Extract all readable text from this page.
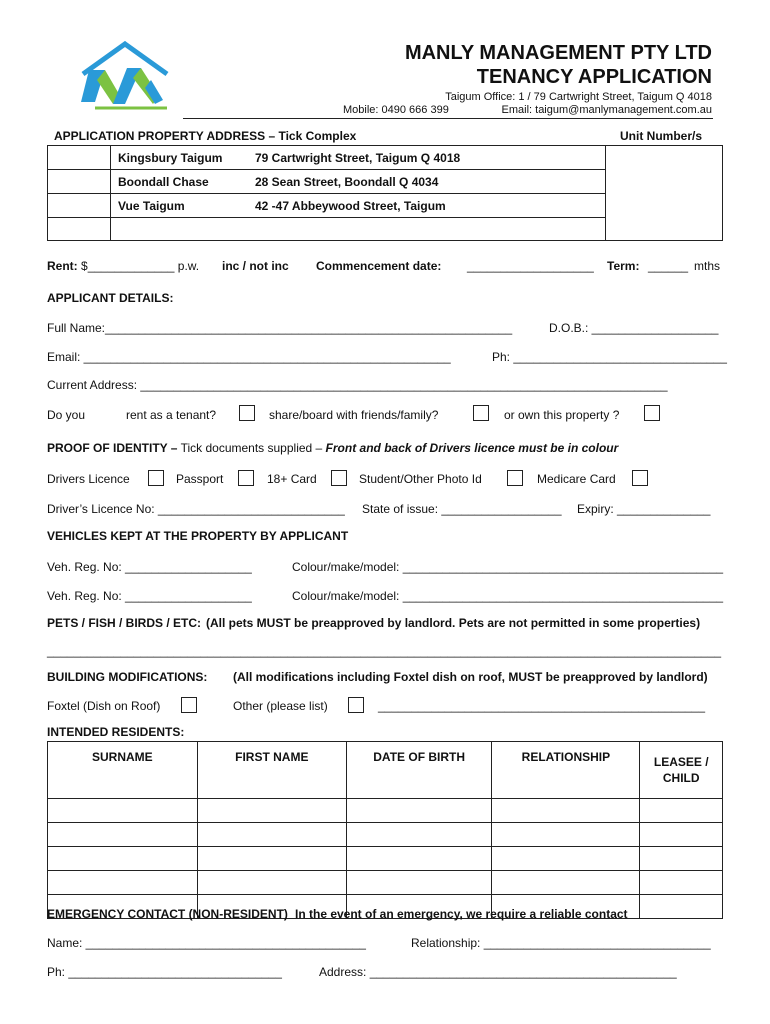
MANLY MANAGEMENT PTY LTD
TENANCY APPLICATION
Taigum Office: 1 / 79 Cartwright Street, Taigum Q 4018
Mobile: 0490 666 399	Email: taigum@manlymanagement.com.au
APPLICATION PROPERTY ADDRESS – Tick Complex	Unit Number/s
Kingsbury Taigum	79 Cartwright Street, Taigum Q 4018
Boondall Chase	28 Sean Street, Boondall Q 4034
Vue Taigum	42 -47 Abbeywood Street, Taigum
Rent: $_____________ p.w. inc / not inc Commencement date: ___________________ Term: ______ mths
APPLICANT DETAILS:
Full Name:_____________________________________________________________	D.O.B.: ___________________
Email: _______________________________________________________	Ph: ________________________________
Current Address: _______________________________________________________________________________
Do you	rent as a tenant?	share/board with friends/family?	or own this property ?
PROOF OF IDENTITY – Tick documents supplied – Front and back of Drivers licence must be in colour
Drivers Licence	Passport	18+ Card	Student/Other Photo Id	Medicare Card
Driver’s Licence No: ____________________________ State of issue: __________________ Expiry: ______________
VEHICLES KEPT AT THE PROPERTY BY APPLICANT
Veh. Reg. No: ___________________	Colour/make/model: ________________________________________________
Veh. Reg. No: ___________________	Colour/make/model: ________________________________________________
PETS / FISH / BIRDS / ETC: (All pets MUST be preapproved by landlord. Pets are not permitted in some properties)
_____________________________________________________________________________________________________
BUILDING MODIFICATIONS: (All modifications including Foxtel dish on roof, MUST be preapproved by landlord)
Foxtel (Dish on Roof)	Other (please list)	_________________________________________________
INTENDED RESIDENTS:
SURNAME	FIRST NAME	DATE OF BIRTH	RELATIONSHIP	LEASEE / CHILD

EMERGENCY CONTACT (NON-RESIDENT) In the event of an emergency, we require a reliable contact
Name: __________________________________________	Relationship: __________________________________
Ph: ________________________________	Address: ______________________________________________
